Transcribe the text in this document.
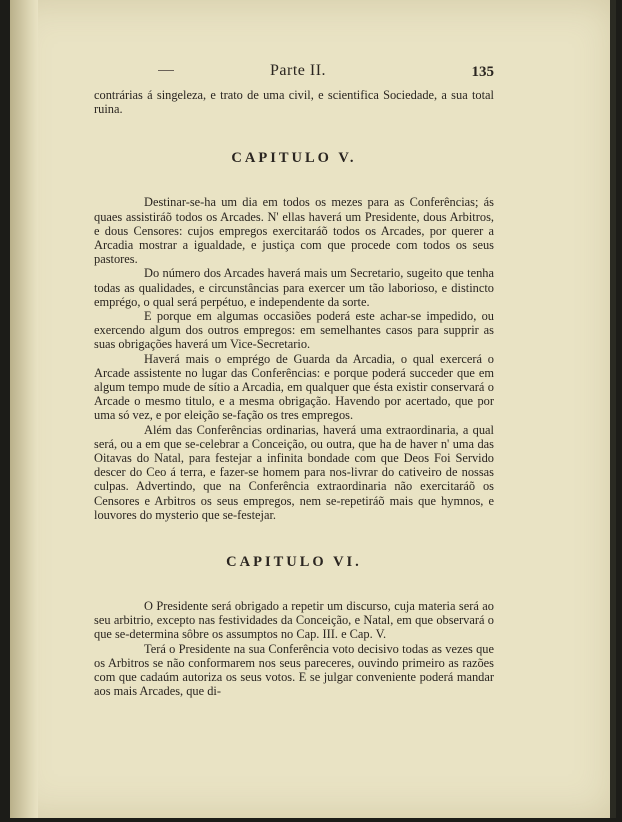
Parte II.	135

contrárias á singeleza, e trato de uma civil, e scientifica Sociedade, a sua total ruina.

CAPITULO V.

Destinar-se-ha um dia em todos os mezes para as Conferências; ás quaes assistiráõ todos os Arcades. N' ellas haverá um Presidente, dous Arbitros, e dous Censores: cujos empregos exercitaráõ todos os Arcades, por querer a Arcadia mostrar a igualdade, e justiça com que procede com todos os seus pastores.

Do número dos Arcades haverá mais um Secretario, sugeito que tenha todas as qualidades, e circunstâncias para exercer um tão laborioso, e distincto emprégo, o qual será perpétuo, e independente da sorte.

E porque em algumas occasiões poderá este achar-se impedido, ou exercendo algum dos outros empregos: em semelhantes casos para supprir as suas obrigações haverá um Vice-Secretario.

Haverá mais o emprégo de Guarda da Arcadia, o qual exercerá o Arcade assistente no lugar das Conferências: e porque poderá succeder que em algum tempo mude de sítio a Arcadia, em qualquer que ésta existir conservará o Arcade o mesmo titulo, e a mesma obrigação. Havendo por acertado, que por uma só vez, e por eleição se-fação os tres empregos.

Além das Conferências ordinarias, haverá uma extraordinaria, a qual será, ou a em que se-celebrar a Conceição, ou outra, que ha de haver n' uma das Oitavas do Natal, para festejar a infinita bondade com que Deos Foi Servido descer do Ceo á terra, e fazer-se homem para nos-livrar do cativeiro de nossas culpas. Advertindo, que na Conferência extraordinaria não exercitaráõ os Censores e Arbitros os seus empregos, nem se-repetiráõ mais que hymnos, e louvores do mysterio que se-festejar.

CAPITULO VI.

O Presidente será obrigado a repetir um discurso, cuja materia será ao seu arbitrio, excepto nas festividades da Conceição, e Natal, em que observará o que se-determina sôbre os assumptos no Cap. III. e Cap. V.

Terá o Presidente na sua Conferência voto decisivo todas as vezes que os Arbitros se não conformarem nos seus pareceres, ouvindo primeiro as razões com que cadaúm autoriza os seus votos. E se julgar conveniente poderá mandar aos mais Arcades, que di-
